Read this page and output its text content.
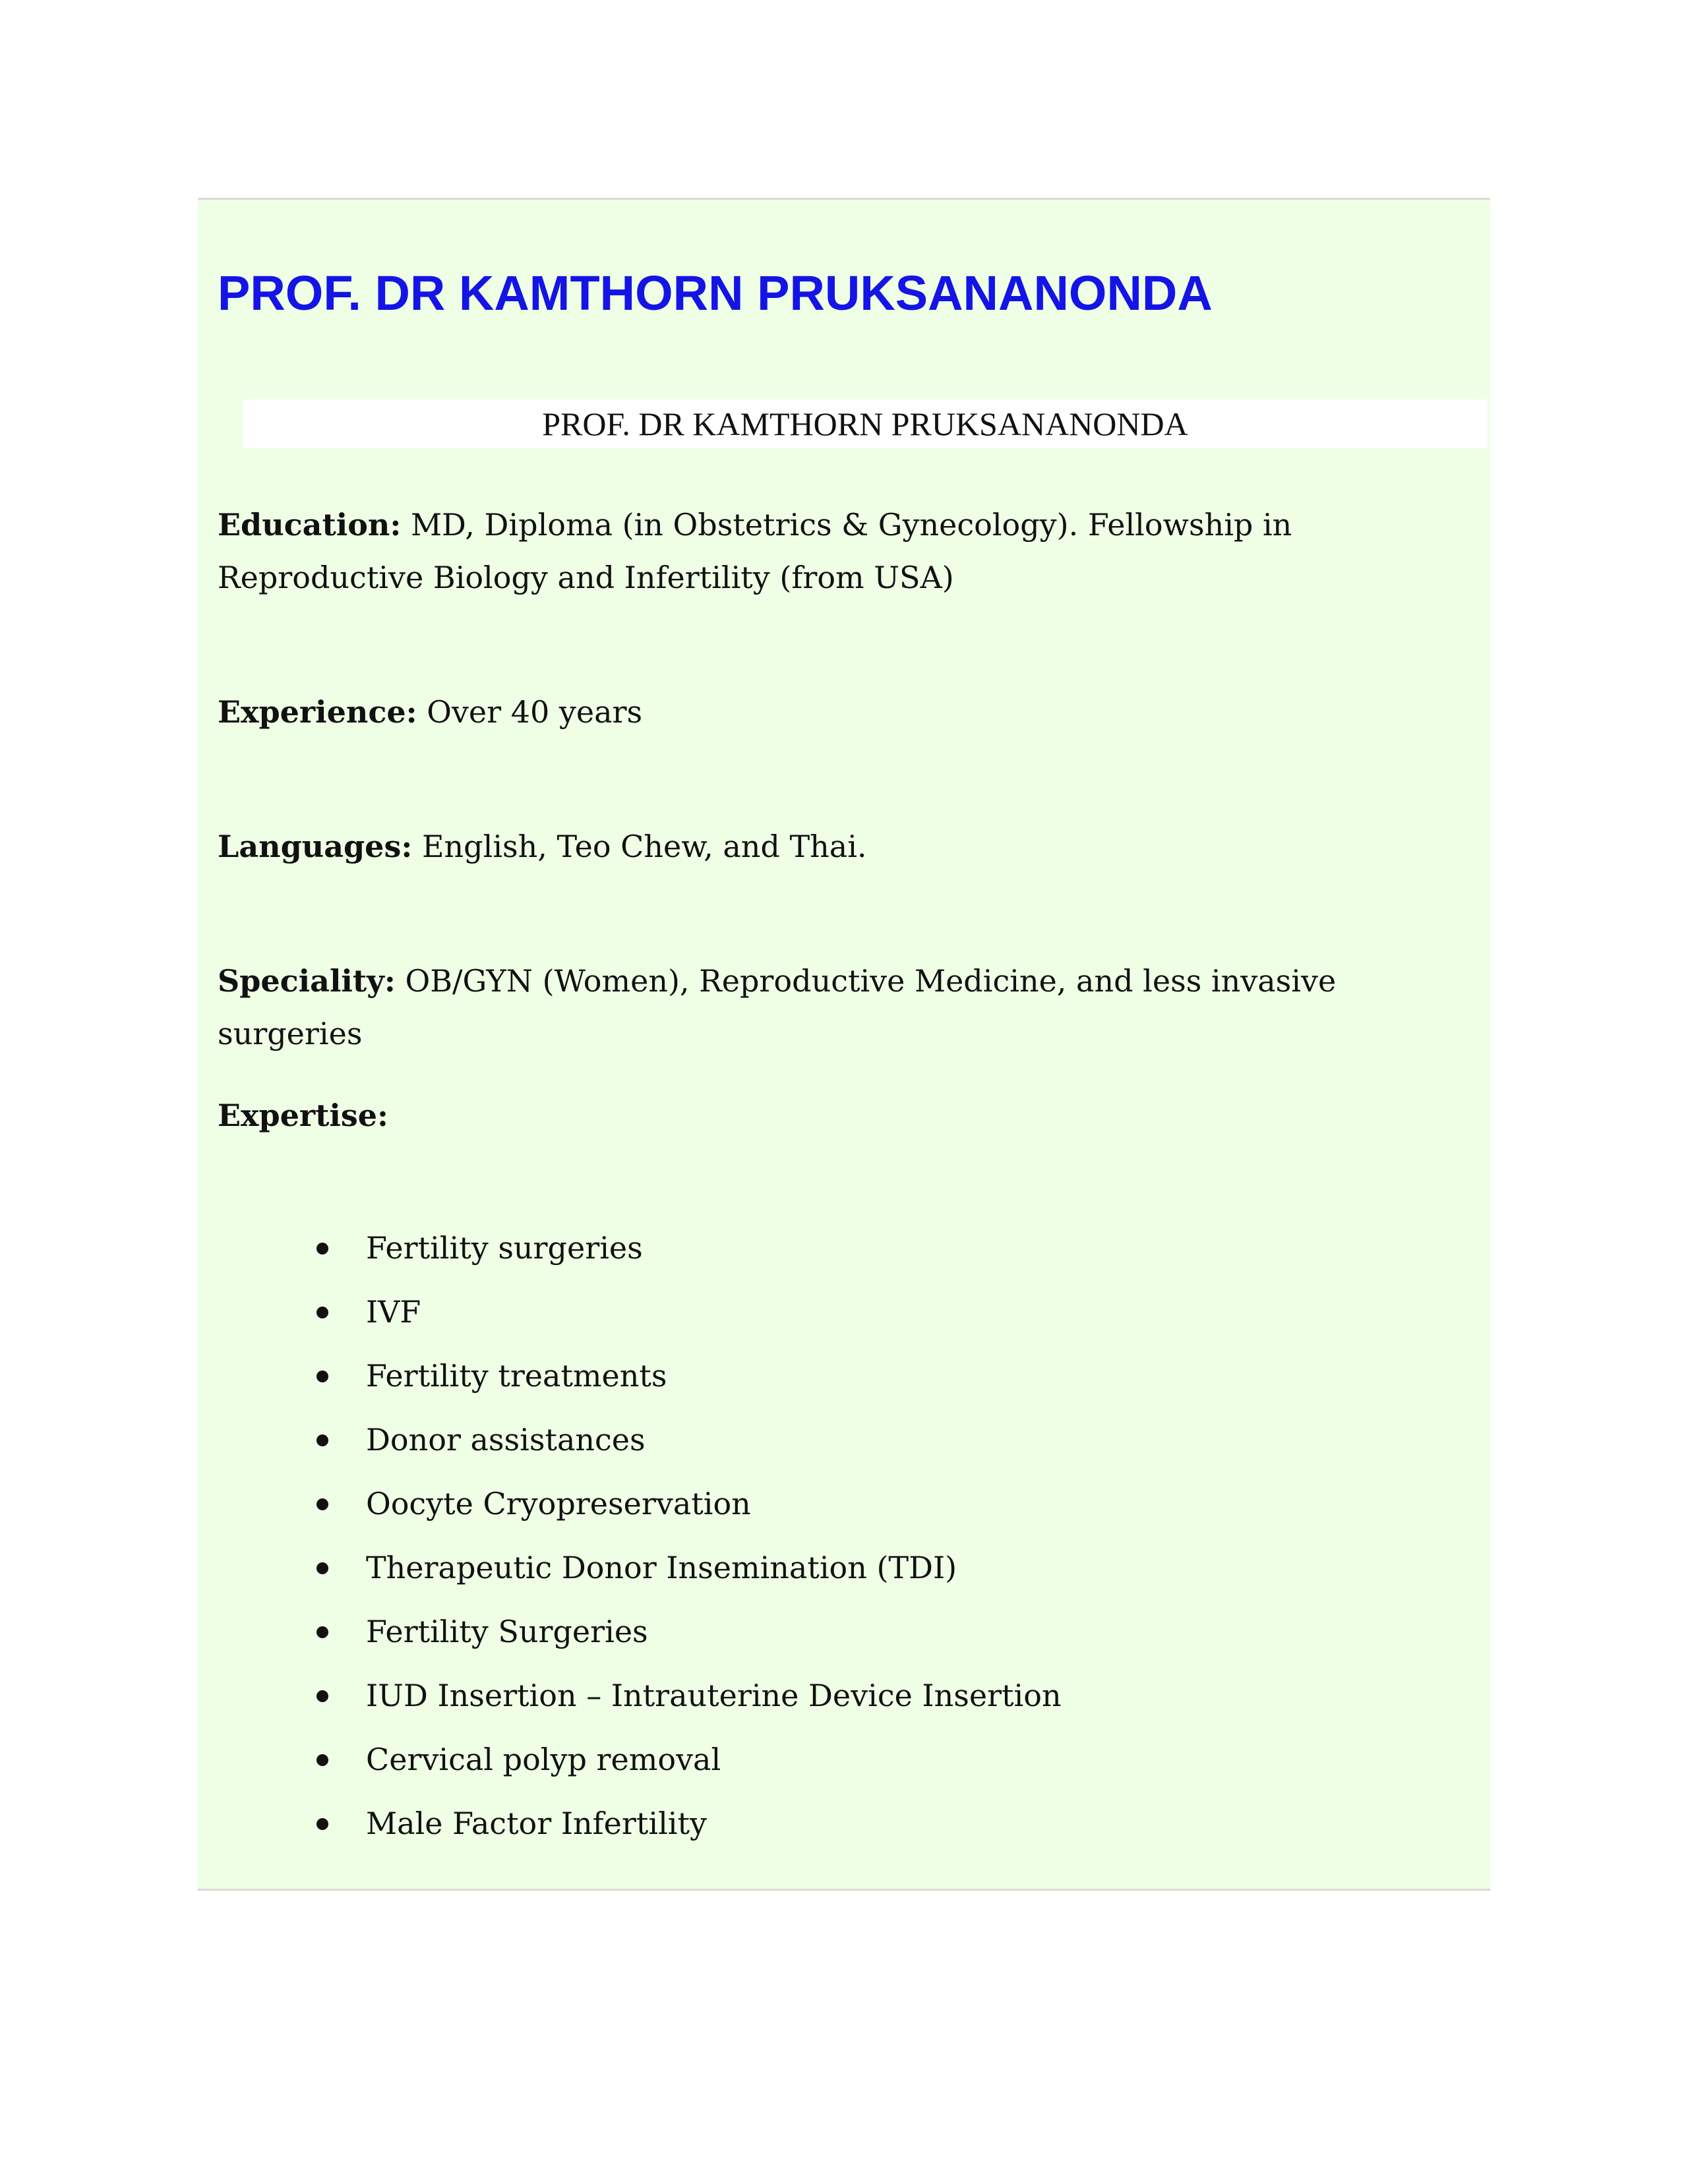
PROF. DR KAMTHORN PRUKSANANONDA
PROF. DR KAMTHORN PRUKSANANONDA

Education: MD, Diploma (in Obstetrics & Gynecology). Fellowship in Reproductive Biology and Infertility (from USA)

Experience: Over 40 years

Languages: English, Teo Chew, and Thai.

Speciality: OB/GYN (Women), Reproductive Medicine, and less invasive surgeries

Expertise:

Fertility surgeries
IVF
Fertility treatments
Donor assistances
Oocyte Cryopreservation
Therapeutic Donor Insemination (TDI)
Fertility Surgeries
IUD Insertion – Intrauterine Device Insertion
Cervical polyp removal
Male Factor Infertility
